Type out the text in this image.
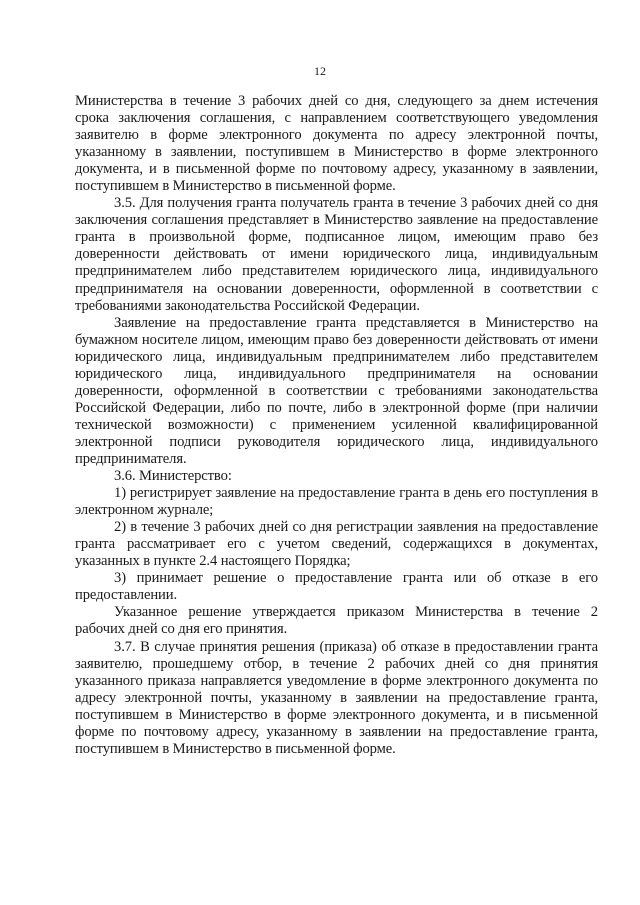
12

Министерства в течение 3 рабочих дней со дня, следующего за днем истечения срока заключения соглашения, с направлением соответствующего уведомления заявителю в форме электронного документа по адресу электронной почты, указанному в заявлении, поступившем в Министерство в форме электронного документа, и в письменной форме по почтовому адресу, указанному в заявлении, поступившем в Министерство в письменной форме.

3.5. Для получения гранта получатель гранта в течение 3 рабочих дней со дня заключения соглашения представляет в Министерство заявление на предоставление гранта в произвольной форме, подписанное лицом, имеющим право без доверенности действовать от имени юридического лица, индивидуальным предпринимателем либо представителем юридического лица, индивидуального предпринимателя на основании доверенности, оформленной в соответствии с требованиями законодательства Российской Федерации.

Заявление на предоставление гранта представляется в Министерство на бумажном носителе лицом, имеющим право без доверенности действовать от имени юридического лица, индивидуальным предпринимателем либо представителем юридического лица, индивидуального предпринимателя на основании доверенности, оформленной в соответствии с требованиями законодательства Российской Федерации, либо по почте, либо в электронной форме (при наличии технической возможности) с применением усиленной квалифицированной электронной подписи руководителя юридического лица, индивидуального предпринимателя.

3.6. Министерство:

1) регистрирует заявление на предоставление гранта в день его поступления в электронном журнале;

2) в течение 3 рабочих дней со дня регистрации заявления на предоставление гранта рассматривает его с учетом сведений, содержащихся в документах, указанных в пункте 2.4 настоящего Порядка;

3) принимает решение о предоставление гранта или об отказе в его предоставлении.

Указанное решение утверждается приказом Министерства в течение 2 рабочих дней со дня его принятия.

3.7. В случае принятия решения (приказа) об отказе в предоставлении гранта заявителю, прошедшему отбор, в течение 2 рабочих дней со дня принятия указанного приказа направляется уведомление в форме электронного документа по адресу электронной почты, указанному в заявлении на предоставление гранта, поступившем в Министерство в форме электронного документа, и в письменной форме по почтовому адресу, указанному в заявлении на предоставление гранта, поступившем в Министерство в письменной форме.
